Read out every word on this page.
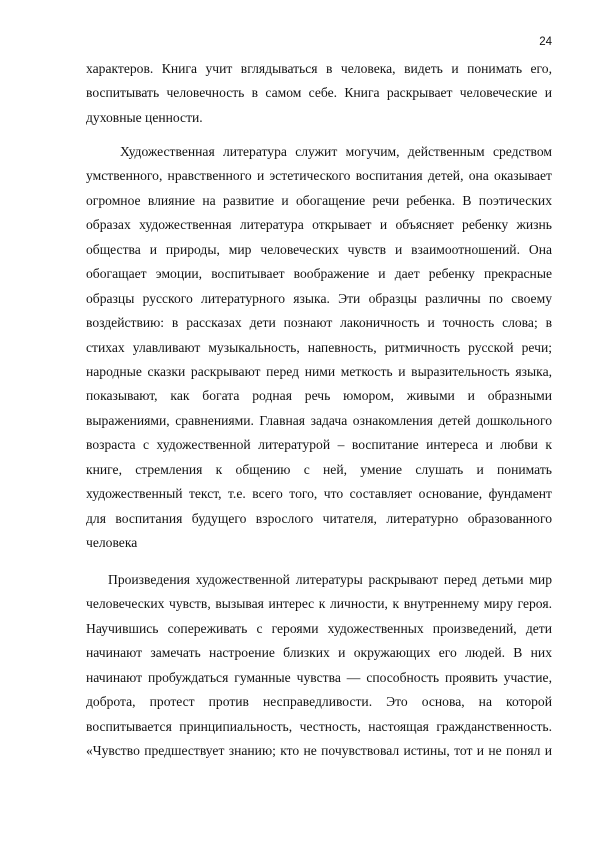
24
характеров. Книга учит вглядываться в человека, видеть и понимать его,
воспитывать человечность в самом себе. Книга раскрывает человеческие и
духовные ценности.
Художественная литература служит могучим, действенным средством
умственного, нравственного и эстетического воспитания детей, она оказывает
огромное влияние на развитие и обогащение речи ребенка. В поэтических
образах художественная литература открывает и объясняет ребенку жизнь
общества и природы, мир человеческих чувств и взаимоотношений. Она
обогащает эмоции, воспитывает воображение и дает ребенку прекрасные
образцы русского литературного языка. Эти образцы различны по своему
воздействию: в рассказах дети познают лаконичность и точность слова; в
стихах улавливают музыкальность, напевность, ритмичность русской речи;
народные сказки раскрывают перед ними меткость и выразительность языка,
показывают, как богата родная речь юмором, живыми и образными
выражениями, сравнениями. Главная задача ознакомления детей дошкольного
возраста с художественной литературой – воспитание интереса и любви к
книге, стремления к общению с ней, умение слушать и понимать
художественный текст, т.е. всего того, что составляет основание, фундамент
для воспитания будущего взрослого читателя, литературно образованного
человека
Произведения художественной литературы раскрывают перед детьми мир
человеческих чувств, вызывая интерес к личности, к внутреннему миру героя.
Научившись сопереживать с героями художественных произведений, дети
начинают замечать настроение близких и окружающих его людей. В них
начинают пробуждаться гуманные чувства — способность проявить участие,
доброта, протест против несправедливости. Это основа, на которой
воспитывается принципиальность, честность, настоящая гражданственность.
«Чувство предшествует знанию; кто не почувствовал истины, тот и не понял и
